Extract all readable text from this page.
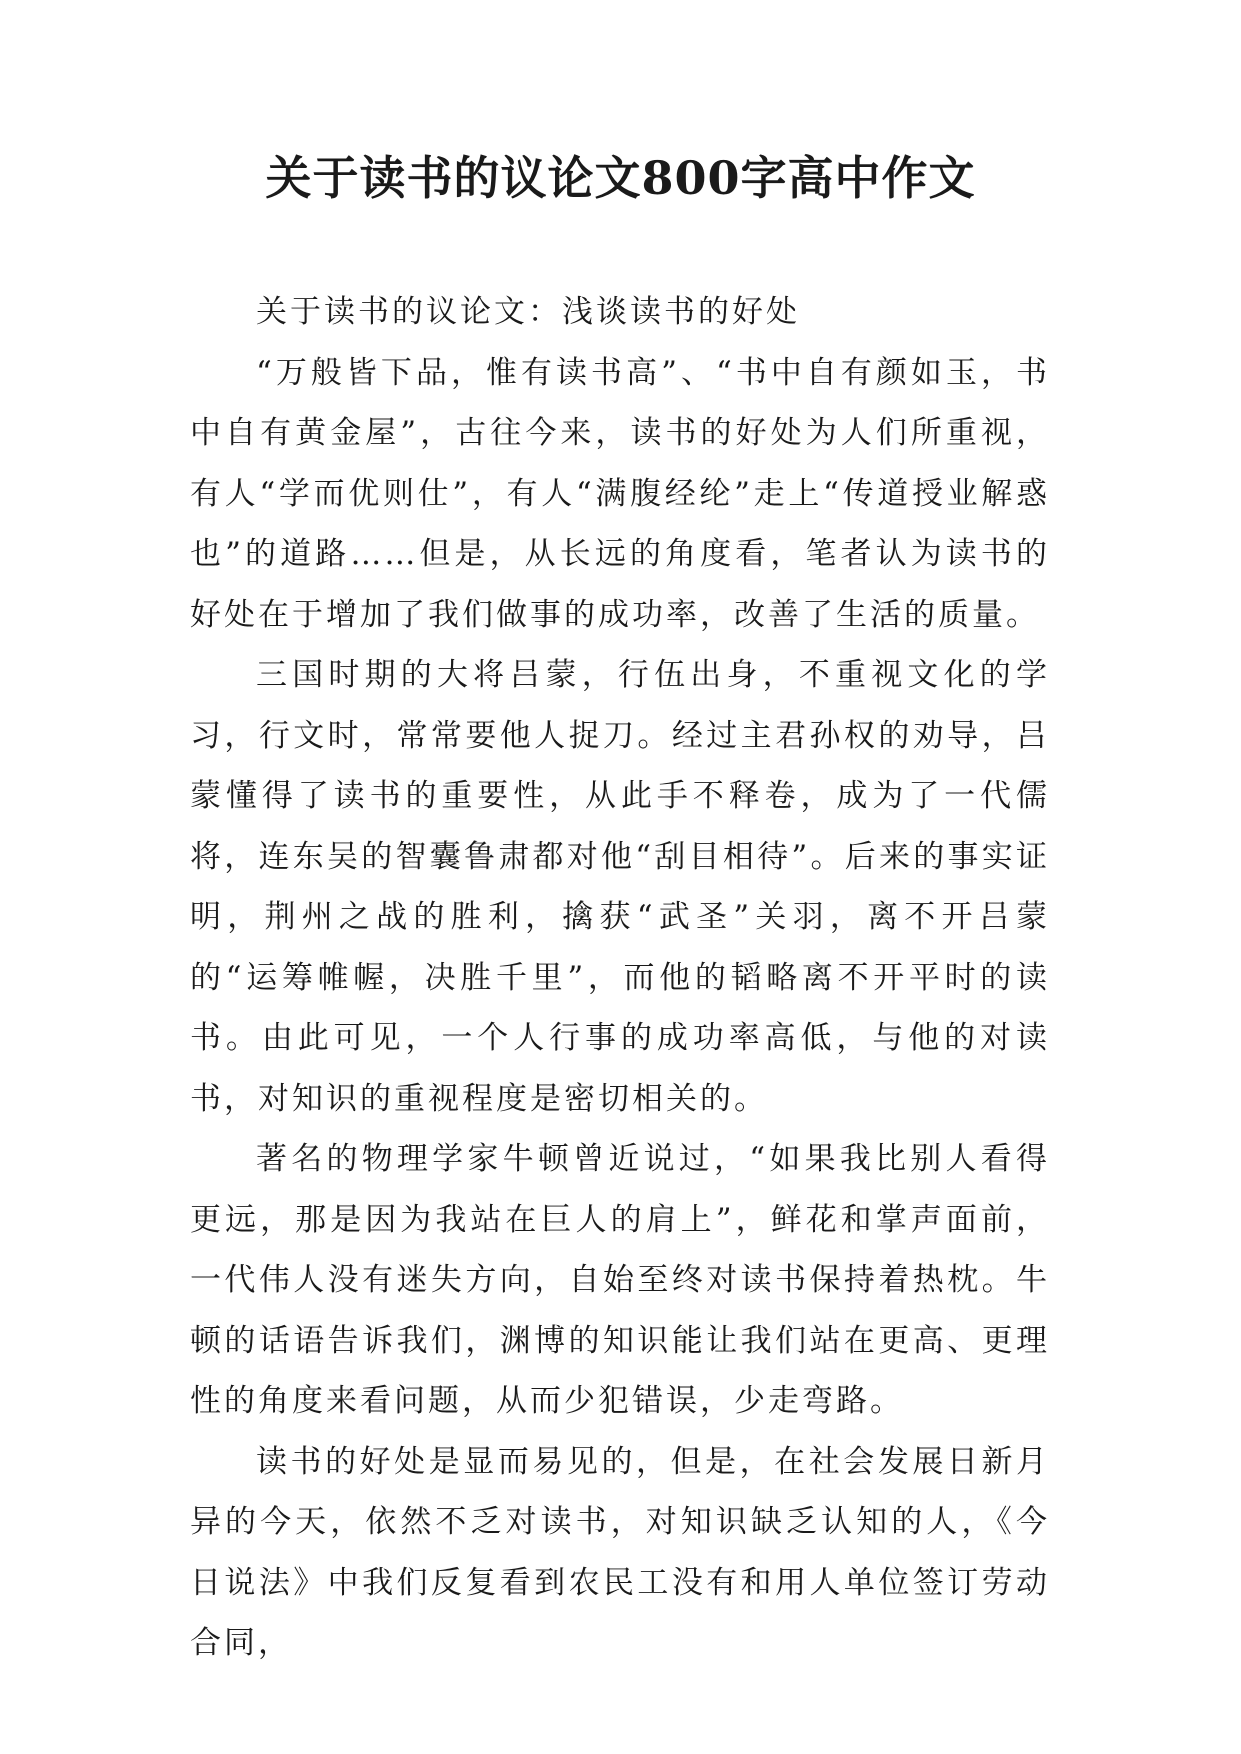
关于读书的议论文800字高中作文

关于读书的议论文：浅谈读书的好处

“万般皆下品，惟有读书高”、“书中自有颜如玉，书中自有黄金屋”，古往今来，读书的好处为人们所重视，有人“学而优则仕”，有人“满腹经纶”走上“传道授业解惑也”的道路……但是，从长远的角度看，笔者认为读书的好处在于增加了我们做事的成功率，改善了生活的质量。

三国时期的大将吕蒙，行伍出身，不重视文化的学习，行文时，常常要他人捉刀。经过主君孙权的劝导，吕蒙懂得了读书的重要性，从此手不释卷，成为了一代儒将，连东吴的智囊鲁肃都对他“刮目相待”。后来的事实证明，荆州之战的胜利，擒获“武圣”关羽，离不开吕蒙的“运筹帷幄，决胜千里”，而他的韬略离不开平时的读书。由此可见，一个人行事的成功率高低，与他的对读书，对知识的重视程度是密切相关的。

著名的物理学家牛顿曾近说过，“如果我比别人看得更远，那是因为我站在巨人的肩上”，鲜花和掌声面前，一代伟人没有迷失方向，自始至终对读书保持着热枕。牛顿的话语告诉我们，渊博的知识能让我们站在更高、更理性的角度来看问题，从而少犯错误，少走弯路。

读书的好处是显而易见的，但是，在社会发展日新月异的今天，依然不乏对读书，对知识缺乏认知的人，《今日说法》中我们反复看到农民工没有和用人单位签订劳动合同，
